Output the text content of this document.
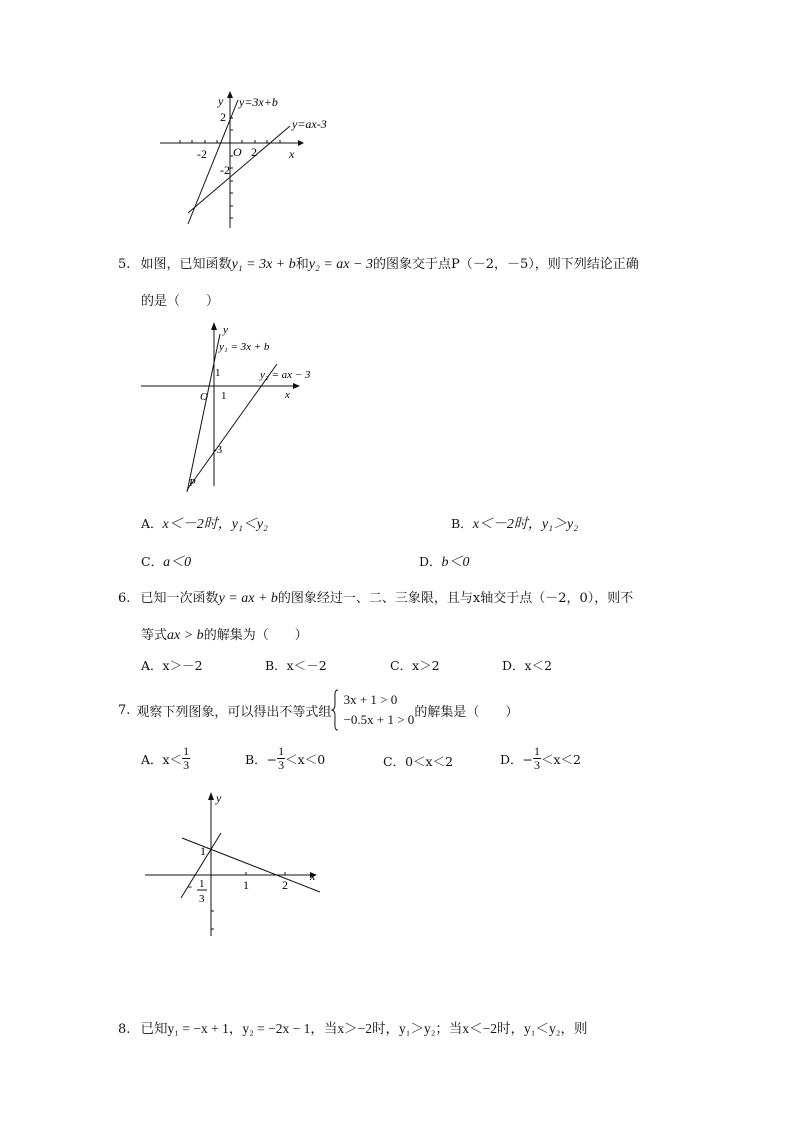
y y=3x+b
y=ax-3
2
-2 O 2	x
-2
5. 如图，已知函数y₁ = 3x + b和y₂ = ax − 3的图象交于点P（－2，－5），则下列结论正确
的是（　　）
y
y₁ = 3x + b
y₂ = ax − 3
1
O 1	x
-3
P
A．x＜－2时，y₁＜y₂	B．x＜－2时，y₁＞y₂
C．a＜0	D．b＜0
6. 已知一次函数y = ax + b的图象经过一、二、三象限，且与x轴交于点（－2，0），则不
等式ax > b的解集为（　　）
A．x＞－2	B．x＜－2	C．x＞2	D．x＜2
7. 观察下列图象，可以得出不等式组

3x + 1 > 0
−0.5x + 1 > 0 的解集是（　　）
A．$x< \frac{1}{3}$	B．− $\frac{1}{3} <x<0$	C．0＜x＜2	D．− $\frac{1}{3} <x<2$
y
1
1	2
x
- 1
3
8. 已知y₁ = −x + 1，y₂ = −2x − 1，当x＞−2时，y₁＞y₂；当x＜−2时，y₁＜y₂，则
